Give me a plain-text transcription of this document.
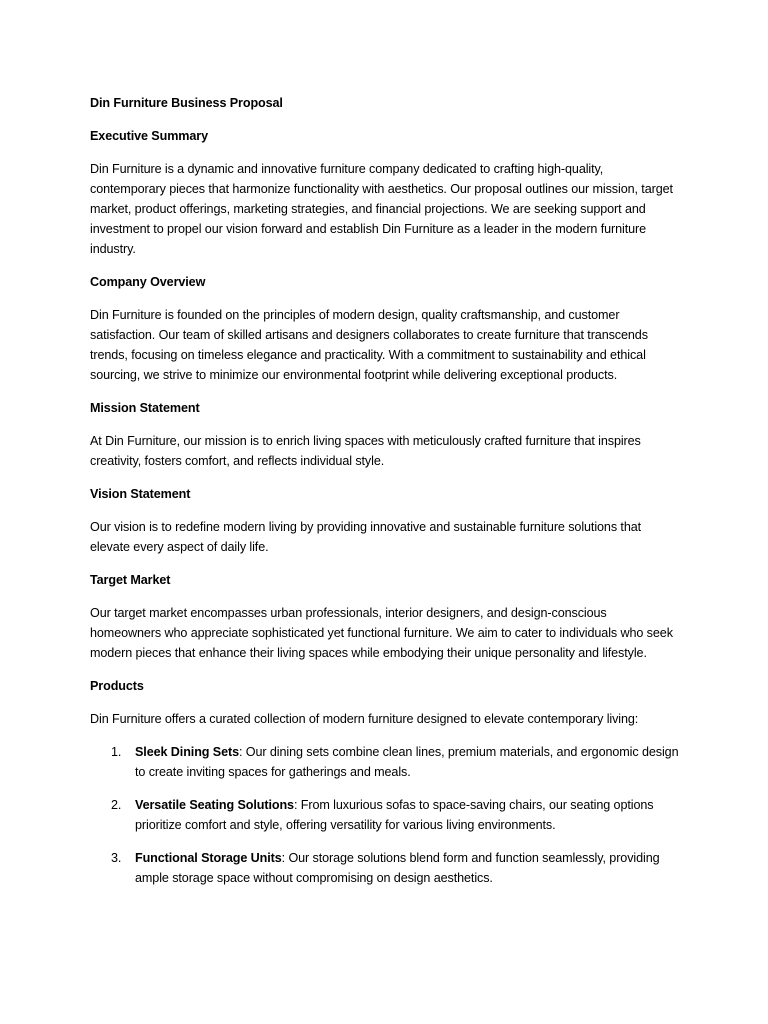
Din Furniture Business Proposal

Executive Summary

Din Furniture is a dynamic and innovative furniture company dedicated to crafting high-quality, contemporary pieces that harmonize functionality with aesthetics. Our proposal outlines our mission, target market, product offerings, marketing strategies, and financial projections. We are seeking support and investment to propel our vision forward and establish Din Furniture as a leader in the modern furniture industry.

Company Overview

Din Furniture is founded on the principles of modern design, quality craftsmanship, and customer satisfaction. Our team of skilled artisans and designers collaborates to create furniture that transcends trends, focusing on timeless elegance and practicality. With a commitment to sustainability and ethical sourcing, we strive to minimize our environmental footprint while delivering exceptional products.

Mission Statement

At Din Furniture, our mission is to enrich living spaces with meticulously crafted furniture that inspires creativity, fosters comfort, and reflects individual style.

Vision Statement

Our vision is to redefine modern living by providing innovative and sustainable furniture solutions that elevate every aspect of daily life.

Target Market

Our target market encompasses urban professionals, interior designers, and design-conscious homeowners who appreciate sophisticated yet functional furniture. We aim to cater to individuals who seek modern pieces that enhance their living spaces while embodying their unique personality and lifestyle.

Products

Din Furniture offers a curated collection of modern furniture designed to elevate contemporary living:

1. Sleek Dining Sets: Our dining sets combine clean lines, premium materials, and ergonomic design to create inviting spaces for gatherings and meals.
2. Versatile Seating Solutions: From luxurious sofas to space-saving chairs, our seating options prioritize comfort and style, offering versatility for various living environments.
3. Functional Storage Units: Our storage solutions blend form and function seamlessly, providing ample storage space without compromising on design aesthetics.
